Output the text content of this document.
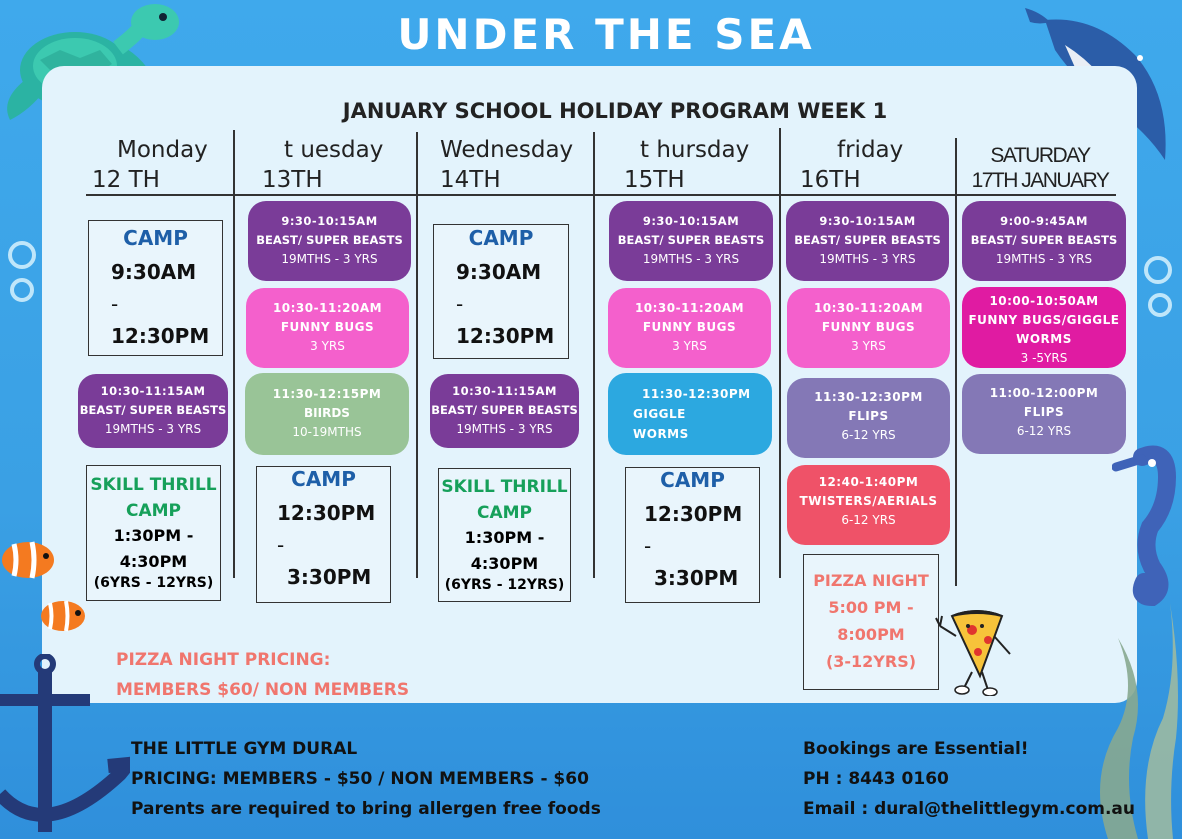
UNDER THE SEA
JANUARY SCHOOL HOLIDAY PROGRAM WEEK 1
Monday
12 TH
t uesday
13TH
Wednesday
14TH
t hursday
15TH
friday
16TH
SATURDAY
17TH JANUARY
CAMP
9:30AM
-
12:30PM
10:30-11:15AM
BEAST/ SUPER BEASTS
19MTHS - 3 YRS
SKILL THRILL
CAMP
1:30PM -
4:30PM
(6YRS - 12YRS)
9:30-10:15AM
BEAST/ SUPER BEASTS
19MTHS - 3 YRS
10:30-11:20AM
FUNNY BUGS
3 YRS
11:30-12:15PM
BIIRDS
10-19MTHS
CAMP
12:30PM
-
3:30PM
CAMP
9:30AM
-
12:30PM
10:30-11:15AM
BEAST/ SUPER BEASTS
19MTHS - 3 YRS
SKILL THRILL
CAMP
1:30PM -
4:30PM
(6YRS - 12YRS)
9:30-10:15AM
BEAST/ SUPER BEASTS
19MTHS - 3 YRS
10:30-11:20AM
FUNNY BUGS
3 YRS
11:30-12:30PM
GIGGLE
WORMS
CAMP
12:30PM
-
3:30PM
9:30-10:15AM
BEAST/ SUPER BEASTS
19MTHS - 3 YRS
10:30-11:20AM
FUNNY BUGS
3 YRS
11:30-12:30PM
FLIPS
6-12 YRS
12:40-1:40PM
TWISTERS/AERIALS
6-12 YRS
PIZZA NIGHT
5:00 PM -
8:00PM
(3-12YRS)
9:00-9:45AM
BEAST/ SUPER BEASTS
19MTHS - 3 YRS
10:00-10:50AM
FUNNY BUGS/GIGGLE
WORMS
3 -5YRS
11:00-12:00PM
FLIPS
6-12 YRS
PIZZA NIGHT PRICING:
MEMBERS $60/ NON MEMBERS
THE LITTLE GYM DURAL
PRICING: MEMBERS - $50 / NON MEMBERS - $60
Parents are required to bring allergen free foods
Bookings are Essential!
PH : 8443 0160
Email : dural@thelittlegym.com.au
